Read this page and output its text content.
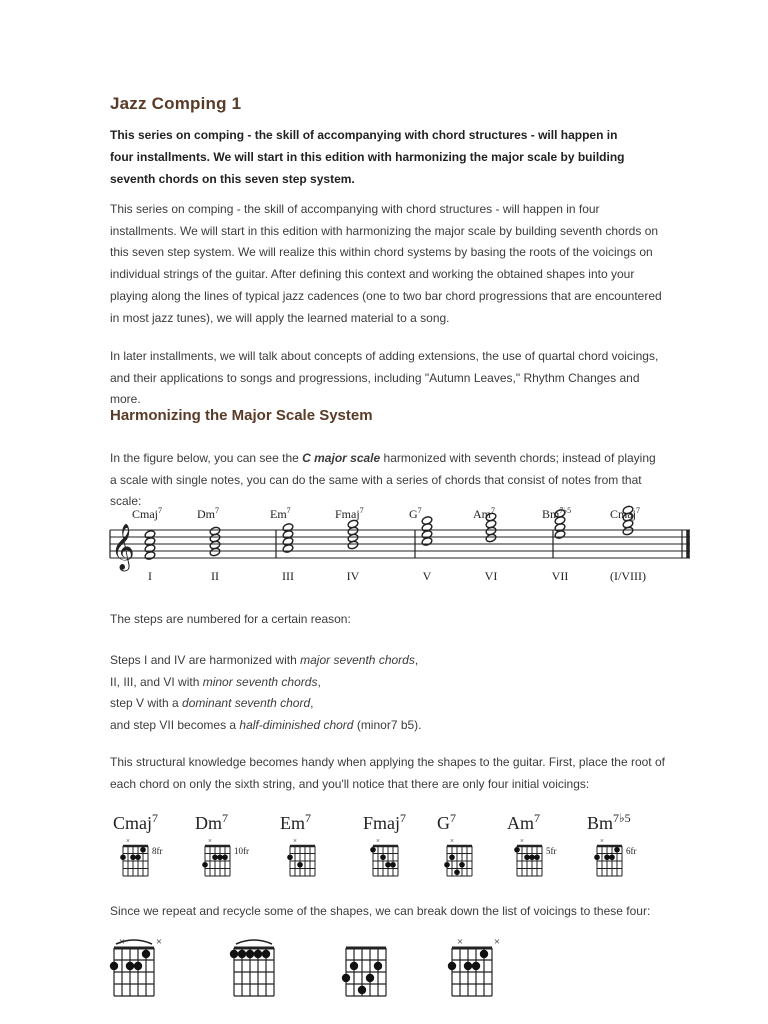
Jazz Comping 1

This series on comping - the skill of accompanying with chord structures - will happen in four installments. We will start in this edition with harmonizing the major scale by building seventh chords on this seven step system.

This series on comping - the skill of accompanying with chord structures - will happen in four installments. We will start in this edition with harmonizing the major scale by building seventh chords on this seven step system. We will realize this within chord systems by basing the roots of the voicings on individual strings of the guitar. After defining this context and working the obtained shapes into your playing along the lines of typical jazz cadences (one to two bar chord progressions that are encountered in most jazz tunes), we will apply the learned material to a song.

In later installments, we will talk about concepts of adding extensions, the use of quartal chord voicings, and their applications to songs and progressions, including "Autumn Leaves," Rhythm Changes and more.

Harmonizing the Major Scale System

In the figure below, you can see the C major scale harmonized with seventh chords; instead of playing a scale with single notes, you can do the same with a series of chords that consist of notes from that scale:

𝄞
Cmaj$^7$
I
Dm$^7$
II
Em$^7$
III
Fmaj$^7$
IV
$G^7$
V
Am$^7$
VI
$Bm^{7♭5}$
VII
Cmaj$^7$
(I/VIII)

The steps are numbered for a certain reason:

Steps I and IV are harmonized with major seventh chords,
II, III, and VI with minor seventh chords,
step V with a dominant seventh chord,
and step VII becomes a half-diminished chord (minor7 b5).

This structural knowledge becomes handy when applying the shapes to the guitar. First, place the root of each chord on only the sixth string, and you'll notice that there are only four initial voicings:

Cmaj$^7$
×
8fr
$Dm^7$
×
10fr
$Em^7$
×
Fmaj$^7$
×
$G^7$
×
$Am^7$
×
5fr
$Bm^{7♭5}$
×
6fr

Since we repeat and recycle some of the shapes, we can break down the list of voicings to these four:

×	×	×	×
